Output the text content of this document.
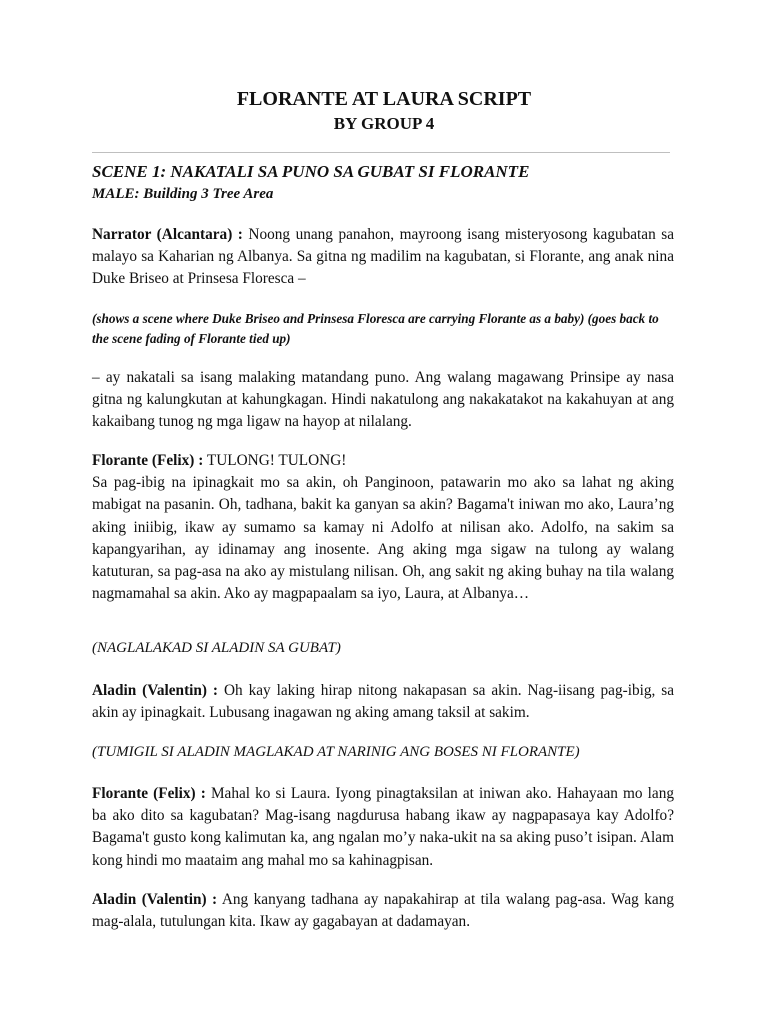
FLORANTE AT LAURA SCRIPT
BY GROUP 4

SCENE 1: NAKATALI SA PUNO SA GUBAT SI FLORANTE

MALE: Building 3 Tree Area

Narrator (Alcantara) : Noong unang panahon, mayroong isang misteryosong kagubatan sa malayo sa Kaharian ng Albanya. Sa gitna ng madilim na kagubatan, si Florante, ang anak nina Duke Briseo at Prinsesa Floresca –

(shows a scene where Duke Briseo and Prinsesa Floresca are carrying Florante as a baby) (goes back to the scene fading of Florante tied up)

– ay nakatali sa isang malaking matandang puno. Ang walang magawang Prinsipe ay nasa gitna ng kalungkutan at kahungkagan. Hindi nakatulong ang nakakatakot na kakahuyan at ang kakaibang tunog ng mga ligaw na hayop at nilalang.

Florante (Felix) : TULONG! TULONG!
Sa pag-ibig na ipinagkait mo sa akin, oh Panginoon, patawarin mo ako sa lahat ng aking mabigat na pasanin. Oh, tadhana, bakit ka ganyan sa akin? Bagama't iniwan mo ako, Laura’ng aking iniibig, ikaw ay sumamo sa kamay ni Adolfo at nilisan ako. Adolfo, na sakim sa kapangyarihan, ay idinamay ang inosente. Ang aking mga sigaw na tulong ay walang katuturan, sa pag-asa na ako ay mistulang nilisan. Oh, ang sakit ng aking buhay na tila walang nagmamahal sa akin. Ako ay magpapaalam sa iyo, Laura, at Albanya…

(NAGLALAKAD SI ALADIN SA GUBAT)

Aladin (Valentin) : Oh kay laking hirap nitong nakapasan sa akin. Nag-iisang pag-ibig, sa akin ay ipinagkait. Lubusang inagawan ng aking amang taksil at sakim.

(TUMIGIL SI ALADIN MAGLAKAD AT NARINIG ANG BOSES NI FLORANTE)

Florante (Felix) : Mahal ko si Laura. Iyong pinagtaksilan at iniwan ako. Hahayaan mo lang ba ako dito sa kagubatan? Mag-isang nagdurusa habang ikaw ay nagpapasaya kay Adolfo? Bagama't gusto kong kalimutan ka, ang ngalan mo’y naka-ukit na sa aking puso’t isipan. Alam kong hindi mo maataim ang mahal mo sa kahinagpisan.

Aladin (Valentin) : Ang kanyang tadhana ay napakahirap at tila walang pag-asa. Wag kang mag-alala, tutulungan kita. Ikaw ay gagabayan at dadamayan.
